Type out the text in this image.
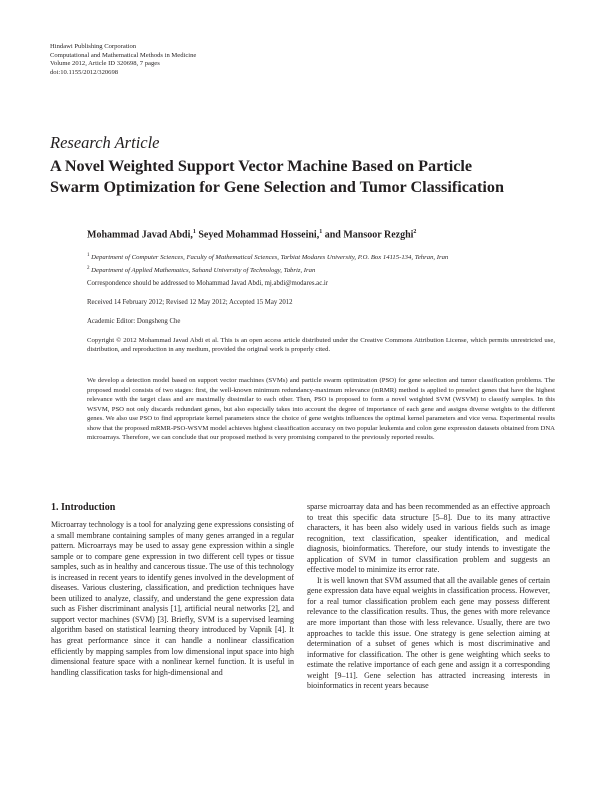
Hindawi Publishing Corporation
Computational and Mathematical Methods in Medicine
Volume 2012, Article ID 320698, 7 pages
doi:10.1155/2012/320698
Research Article
A Novel Weighted Support Vector Machine Based on Particle
Swarm Optimization for Gene Selection and Tumor Classification
Mohammad Javad Abdi,$^1$ Seyed Mohammad Hosseini,$^1$ and Mansoor Rezghi$^2$
$^1$ Department of Computer Sciences, Faculty of Mathematical Sciences, Tarbiat Modares University, P.O. Box 14115-134, Tehran, Iran
$^2$ Department of Applied Mathematics, Sahand University of Technology, Tabriz, Iran
Correspondence should be addressed to Mohammad Javad Abdi, mj.abdi@modares.ac.ir
Received 14 February 2012; Revised 12 May 2012; Accepted 15 May 2012
Academic Editor: Dongsheng Che
Copyright © 2012 Mohammad Javad Abdi et al. This is an open access article distributed under the Creative Commons Attribution License, which permits unrestricted use, distribution, and reproduction in any medium, provided the original work is properly cited.
We develop a detection model based on support vector machines (SVMs) and particle swarm optimization (PSO) for gene selection and tumor classification problems. The proposed model consists of two stages: first, the well-known minimum redundancy-maximum relevance (mRMR) method is applied to preselect genes that have the highest relevance with the target class and are maximally dissimilar to each other. Then, PSO is proposed to form a novel weighted SVM (WSVM) to classify samples. In this WSVM, PSO not only discards redundant genes, but also especially takes into account the degree of importance of each gene and assigns diverse weights to the different genes. We also use PSO to find appropriate kernel parameters since the choice of gene weights influences the optimal kernel parameters and vice versa. Experimental results show that the proposed mRMR-PSO-WSVM model achieves highest classification accuracy on two popular leukemia and colon gene expression datasets obtained from DNA microarrays. Therefore, we can conclude that our proposed method is very promising compared to the previously reported results.
1. Introduction

Microarray technology is a tool for analyzing gene expressions consisting of a small membrane containing samples of many genes arranged in a regular pattern. Microarrays may be used to assay gene expression within a single sample or to compare gene expression in two different cell types or tissue samples, such as in healthy and cancerous tissue. The use of this technology is increased in recent years to identify genes involved in the development of diseases. Various clustering, classification, and prediction techniques have been utilized to analyze, classify, and understand the gene expression data such as Fisher discriminant analysis [1], artificial neural networks [2], and support vector machines (SVM) [3]. Briefly, SVM is a supervised learning algorithm based on statistical learning theory introduced by Vapnik [4]. It has great performance since it can handle a nonlinear classification efficiently by mapping samples from low dimensional input space into high dimensional feature space with a nonlinear kernel function. It is useful in handling classification tasks for high-dimensional and

sparse microarray data and has been recommended as an effective approach to treat this specific data structure [5–8]. Due to its many attractive characters, it has been also widely used in various fields such as image recognition, text classification, speaker identification, and medical diagnosis, bioinformatics. Therefore, our study intends to investigate the application of SVM in tumor classification problem and suggests an effective model to minimize its error rate.
It is well known that SVM assumed that all the available genes of certain gene expression data have equal weights in classification process. However, for a real tumor classification problem each gene may possess different relevance to the classification results. Thus, the genes with more relevance are more important than those with less relevance. Usually, there are two approaches to tackle this issue. One strategy is gene selection aiming at determination of a subset of genes which is most discriminative and informative for classification. The other is gene weighting which seeks to estimate the relative importance of each gene and assign it a corresponding weight [9–11]. Gene selection has attracted increasing interests in bioinformatics in recent years because
